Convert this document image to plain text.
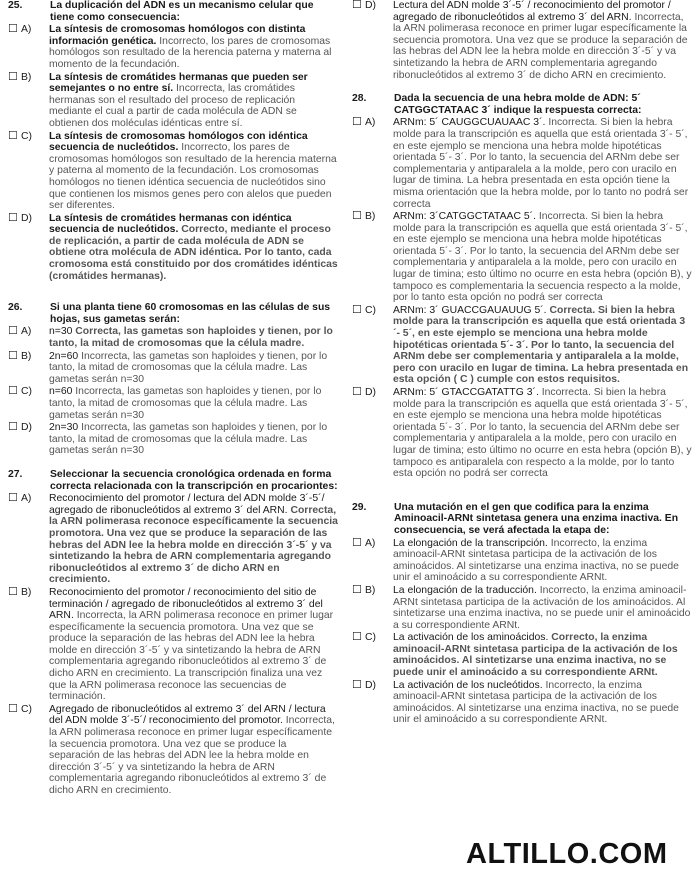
25.	La duplicación del ADN es un mecanismo celular que tiene como consecuencia:
☐ A)	La síntesis de cromosomas homólogos con distinta información genética. Incorrecto, los pares de cromosomas homólogos son resultado de la herencia paterna y materna al momento de la fecundación.
☐ B)	La síntesis de cromátides hermanas que pueden ser semejantes o no entre sí. Incorrecta, las cromátides hermanas son el resultado del proceso de replicación mediante el cual a partir de cada molécula de ADN se obtienen dos moléculas idénticas entre sí.
☐ C)	La síntesis de cromosomas homólogos con idéntica secuencia de nucleótidos. Incorrecto, los pares de cromosomas homólogos son resultado de la herencia materna y paterna al momento de la fecundación. Los cromosomas homólogos no tienen idéntica secuencia de nucleótidos sino que contienen los mismos genes pero con alelos que pueden ser diferentes.
☐ D)	La síntesis de cromátides hermanas con idéntica secuencia de nucleótidos. Correcto, mediante el proceso de replicación, a partir de cada molécula de ADN se obtiene otra molécula de ADN idéntica. Por lo tanto, cada cromosoma está constituido por dos cromátides idénticas (cromátides hermanas).
26.	Si una planta tiene 60 cromosomas en las células de sus hojas, sus gametas serán:
☐ A)	n=30 Correcta, las gametas son haploides y tienen, por lo tanto, la mitad de cromosomas que la célula madre.
☐ B)	2n=60 Incorrecta, las gametas son haploides y tienen, por lo tanto, la mitad de cromosomas que la célula madre. Las gametas serán n=30
☐ C)	n=60 Incorrecta, las gametas son haploides y tienen, por lo tanto, la mitad de cromosomas que la célula madre. Las gametas serán n=30
☐ D)	2n=30 Incorrecta, las gametas son haploides y tienen, por lo tanto, la mitad de cromosomas que la célula madre. Las gametas serán n=30
27.	Seleccionar la secuencia cronológica ordenada en forma correcta relacionada con la transcripción en procariontes:
☐ A)	Reconocimiento del promotor / lectura del ADN molde 3´-5´/ agregado de ribonucleótidos al extremo 3´ del ARN. Correcta, la ARN polimerasa reconoce específicamente la secuencia promotora. Una vez que se produce la separación de las hebras del ADN lee la hebra molde en dirección 3´-5´ y va sintetizando la hebra de ARN complementaria agregando ribonucleótidos al extremo 3´ de dicho ARN en crecimiento.
☐ B)	Reconocimiento del promotor / reconocimiento del sitio de terminación / agregado de ribonucleótidos al extremo 3´ del ARN. Incorrecta, la ARN polimerasa reconoce en primer lugar específicamente la secuencia promotora. Una vez que se produce la separación de las hebras del ADN lee la hebra molde en dirección 3´-5´ y va sintetizando la hebra de ARN complementaria agregando ribonucleótidos al extremo 3´ de dicho ARN en crecimiento. La transcripción finaliza una vez que la ARN polimerasa reconoce las secuencias de terminación.
☐ C)	Agregado de ribonucleótidos al extremo 3´ del ARN / lectura del ADN molde 3´-5´/ reconocimiento del promotor. Incorrecta, la ARN polimerasa reconoce en primer lugar específicamente la secuencia promotora. Una vez que se produce la separación de las hebras del ADN lee la hebra molde en dirección 3´-5´ y va sintetizando la hebra de ARN complementaria agregando ribonucleótidos al extremo 3´ de dicho ARN en crecimiento.
☐ D)	Lectura del ADN molde 3´-5´ / reconocimiento del promotor / agregado de ribonucleótidos al extremo 3´ del ARN. Incorrecta, la ARN polimerasa reconoce en primer lugar específicamente la secuencia promotora. Una vez que se produce la separación de las hebras del ADN lee la hebra molde en dirección 3´-5´ y va sintetizando la hebra de ARN complementaria agregando ribonucleótidos al extremo 3´ de dicho ARN en crecimiento.
28.	Dada la secuencia de una hebra molde de ADN: 5´ CATGGCTATAAC 3´ indique la respuesta correcta:
☐ A)	ARNm: 5´ CAUGGCUAUAAC 3´. Incorrecta. Si bien la hebra molde para la transcripción es aquella que está orientada 3´- 5´, en este ejemplo se menciona una hebra molde hipotéticas orientada 5´- 3´. Por lo tanto, la secuencia del ARNm debe ser complementaria y antiparalela a la molde, pero con uracilo en lugar de timina. La hebra presentada en esta opción tiene la misma orientación que la hebra molde, por lo tanto no podrá ser correcta
☐ B)	ARNm: 3´CATGGCTATAAC 5´. Incorrecta. Si bien la hebra molde para la transcripción es aquella que está orientada 3´- 5´, en este ejemplo se menciona una hebra molde hipotéticas orientada 5´- 3´. Por lo tanto, la secuencia del ARNm debe ser complementaria y antiparalela a la molde, pero con uracilo en lugar de timina; esto último no ocurre en esta hebra (opción B), y tampoco es complementaria la secuencia respecto a la molde, por lo tanto esta opción no podrá ser correcta
☐ C)	ARNm: 3´ GUACCGAUAUUG 5´. Correcta. Si bien la hebra molde para la transcripción es aquella que está orientada 3´- 5´, en este ejemplo se menciona una hebra molde hipotéticas orientada 5´- 3´. Por lo tanto, la secuencia del ARNm debe ser complementaria y antiparalela a la molde, pero con uracilo en lugar de timina. La hebra presentada en esta opción ( C ) cumple con estos requisitos.
☐ D)	ARNm: 5´ GTACCGATATTG 3´. Incorrecta. Si bien la hebra molde para la transcripción es aquella que está orientada 3´- 5´, en este ejemplo se menciona una hebra molde hipotéticas orientada 5´- 3´. Por lo tanto, la secuencia del ARNm debe ser complementaria y antiparalela a la molde, pero con uracilo en lugar de timina; esto último no ocurre en esta hebra (opción B), y tampoco es antiparalela con respecto a la molde, por lo tanto esta opción no podrá ser correcta
29.	Una mutación en el gen que codifica para la enzima Aminoacil-ARNt sintetasa genera una enzima inactiva. En consecuencia, se verá afectada la etapa de:
☐ A)	La elongación de la transcripción. Incorrecto, la enzima aminoacil-ARNt sintetasa participa de la activación de los aminoácidos. Al sintetizarse una enzima inactiva, no se puede unir el aminoácido a su correspondiente ARNt.
☐ B)	La elongación de la traducción. Incorrecto, la enzima aminoacil-ARNt sintetasa participa de la activación de los aminoácidos. Al sintetizarse una enzima inactiva, no se puede unir el aminoácido a su correspondiente ARNt.
☐ C)	La activación de los aminoácidos. Correcto, la enzima aminoacil-ARNt sintetasa participa de la activación de los aminoácidos. Al sintetizarse una enzima inactiva, no se puede unir el aminoácido a su correspondiente ARNt.
☐ D)	La activación de los nucleótidos. Incorrecto, la enzima aminoacil-ARNt sintetasa participa de la activación de los aminoácidos. Al sintetizarse una enzima inactiva, no se puede unir el aminoácido a su correspondiente ARNt.
ALTILLO.COM
